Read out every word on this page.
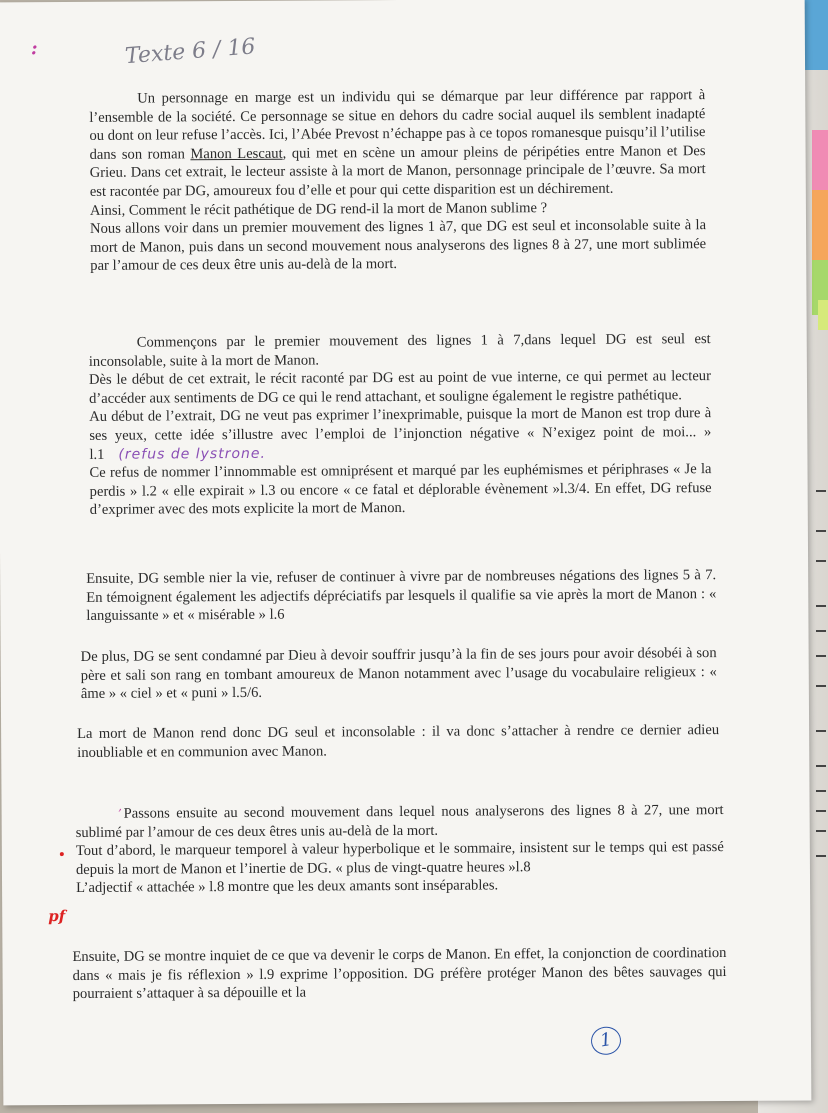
:	Texte 6 / 16

Un personnage en marge est un individu qui se démarque par leur différence par rapport à l’ensemble de la société. Ce personnage se situe en dehors du cadre social auquel ils semblent inadapté ou dont on leur refuse l’accès. Ici, l’Abée Prevost n’échappe pas à ce topos romanesque puisqu’il l’utilise dans son roman Manon Lescaut, qui met en scène un amour pleins de péripéties entre Manon et Des Grieu. Dans cet extrait, le lecteur assiste à la mort de Manon, personnage principale de l’œuvre. Sa mort est racontée par DG, amoureux fou d’elle et pour qui cette disparition est un déchirement.

Ainsi, Comment le récit pathétique de DG rend-il la mort de Manon sublime ?

Nous allons voir dans un premier mouvement des lignes 1 à7, que DG est seul et inconsolable suite à la mort de Manon, puis dans un second mouvement nous analyserons des lignes 8 à 27, une mort sublimée par l’amour de ces deux être unis au-delà de la mort.

Commençons par le premier mouvement des lignes 1 à 7,dans lequel DG est seul est inconsolable, suite à la mort de Manon.

Dès le début de cet extrait, le récit raconté par DG est au point de vue interne, ce qui permet au lecteur d’accéder aux sentiments de DG ce qui le rend attachant, et souligne également le registre pathétique.

Au début de l’extrait, DG ne veut pas exprimer l’inexprimable, puisque la mort de Manon est trop dure à ses yeux, cette idée s’illustre avec l’emploi de l’injonction négative « N’exigez point de moi... » l.1 (refus de lystrone.

Ce refus de nommer l’innommable est omniprésent et marqué par les euphémismes et périphrases « Je la perdis » l.2 « elle expirait » l.3 ou encore « ce fatal et déplorable évènement »l.3/4. En effet, DG refuse d’exprimer avec des mots explicite la mort de Manon.

Ensuite, DG semble nier la vie, refuser de continuer à vivre par de nombreuses négations des lignes 5 à 7. En témoignent également les adjectifs dépréciatifs par lesquels il qualifie sa vie après la mort de Manon : « languissante » et « misérable » l.6

De plus, DG se sent condamné par Dieu à devoir souffrir jusqu’à la fin de ses jours pour avoir désobéi à son père et sali son rang en tombant amoureux de Manon notamment avec l’usage du vocabulaire religieux : « âme » « ciel » et « puni » l.5/6.

La mort de Manon rend donc DG seul et inconsolable : il va donc s’attacher à rendre ce dernier adieu inoubliable et en communion avec Manon.

ʼ Passons ensuite au second mouvement dans lequel nous analyserons des lignes 8 à 27, une mort sublimé par l’amour de ces deux êtres unis au-delà de la mort.

Tout d’abord, le marqueur temporel à valeur hyperbolique et le sommaire, insistent sur le temps qui est passé depuis la mort de Manon et l’inertie de DG. « plus de vingt-quatre heures »l.8

L’adjectif « attachée » l.8 montre que les deux amants sont inséparables.

pf

Ensuite, DG se montre inquiet de ce que va devenir le corps de Manon. En effet, la conjonction de coordination dans « mais je fis réflexion » l.9 exprime l’opposition. DG préfère protéger Manon des bêtes sauvages qui pourraient s’attaquer à sa dépouille et la

1
